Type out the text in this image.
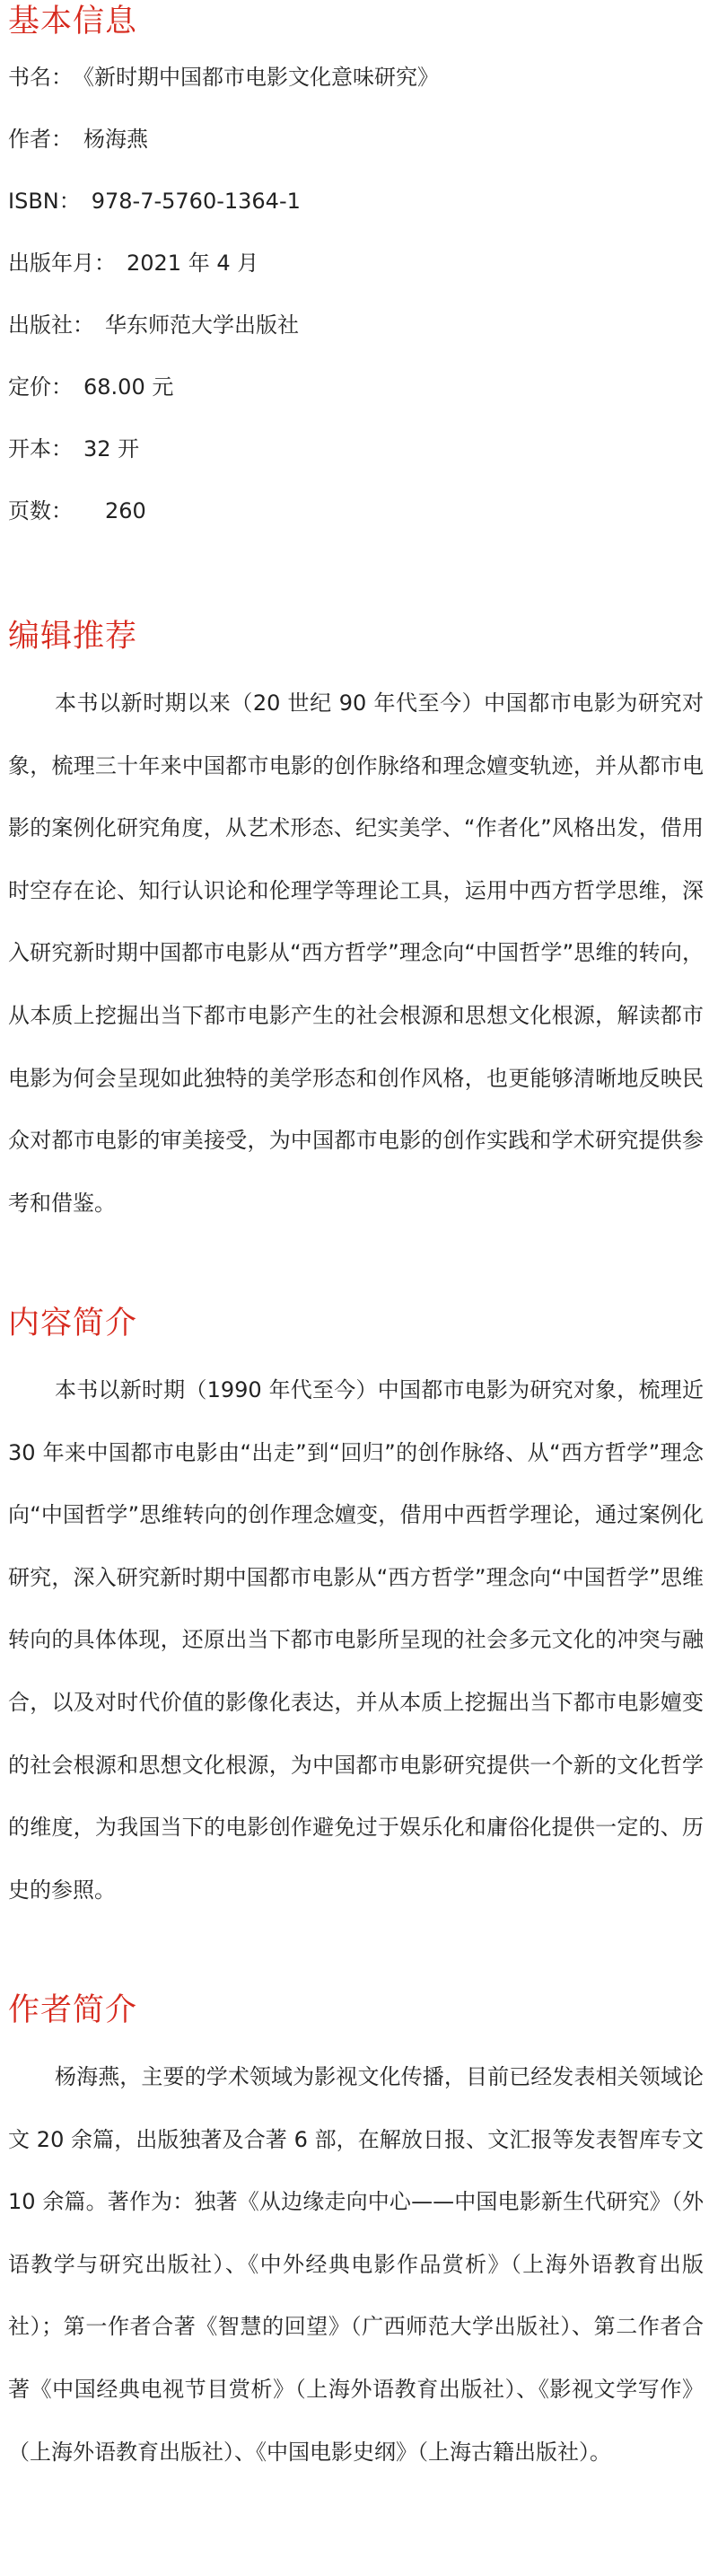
基本信息
书名：　 《新时期中国都市电影文化意味研究》
作者：　 杨海燕
ISBN：　 978-7-5760-1364-1
出版年月：　 2021 年 4 月
出版社：　 华东师范大学出版社
定价：　 68.00 元
开本：　 32 开
页数：　　 260
编辑推荐

本书以新时期以来（20 世纪 90 年代至今）中国都市电影为研究对象，梳理三十年来中国都市电影的创作脉络和理念嬗变轨迹，并从都市电影的案例化研究角度，从艺术形态、纪实美学、“作者化”风格出发，借用时空存在论、知行认识论和伦理学等理论工具，运用中西方哲学思维，深入研究新时期中国都市电影从“西方哲学”理念向“中国哲学”思维的转向，从本质上挖掘出当下都市电影产生的社会根源和思想文化根源，解读都市电影为何会呈现如此独特的美学形态和创作风格，也更能够清晰地反映民众对都市电影的审美接受，为中国都市电影的创作实践和学术研究提供参考和借鉴。

内容简介

本书以新时期（1990 年代至今）中国都市电影为研究对象，梳理近 30 年来中国都市电影由“出走”到“回归”的创作脉络、从“西方哲学”理念向“中国哲学”思维转向的创作理念嬗变，借用中西哲学理论，通过案例化研究，深入研究新时期中国都市电影从“西方哲学”理念向“中国哲学”思维转向的具体体现，还原出当下都市电影所呈现的社会多元文化的冲突与融合，以及对时代价值的影像化表达，并从本质上挖掘出当下都市电影嬗变的社会根源和思想文化根源，为中国都市电影研究提供一个新的文化哲学的维度，为我国当下的电影创作避免过于娱乐化和庸俗化提供一定的、历史的参照。

作者简介

杨海燕，主要的学术领域为影视文化传播，目前已经发表相关领域论文 20 余篇，出版独著及合著 6 部，在解放日报、文汇报等发表智库专文 10 余篇。著作为：独著《从边缘走向中心——中国电影新生代研究》（外语教学与研究出版社）、《中外经典电影作品赏析》（上海外语教育出版社）；第一作者合著《智慧的回望》（广西师范大学出版社）、第二作者合著《中国经典电视节目赏析》（上海外语教育出版社）、《影视文学写作》（上海外语教育出版社）、《中国电影史纲》（上海古籍出版社）。
